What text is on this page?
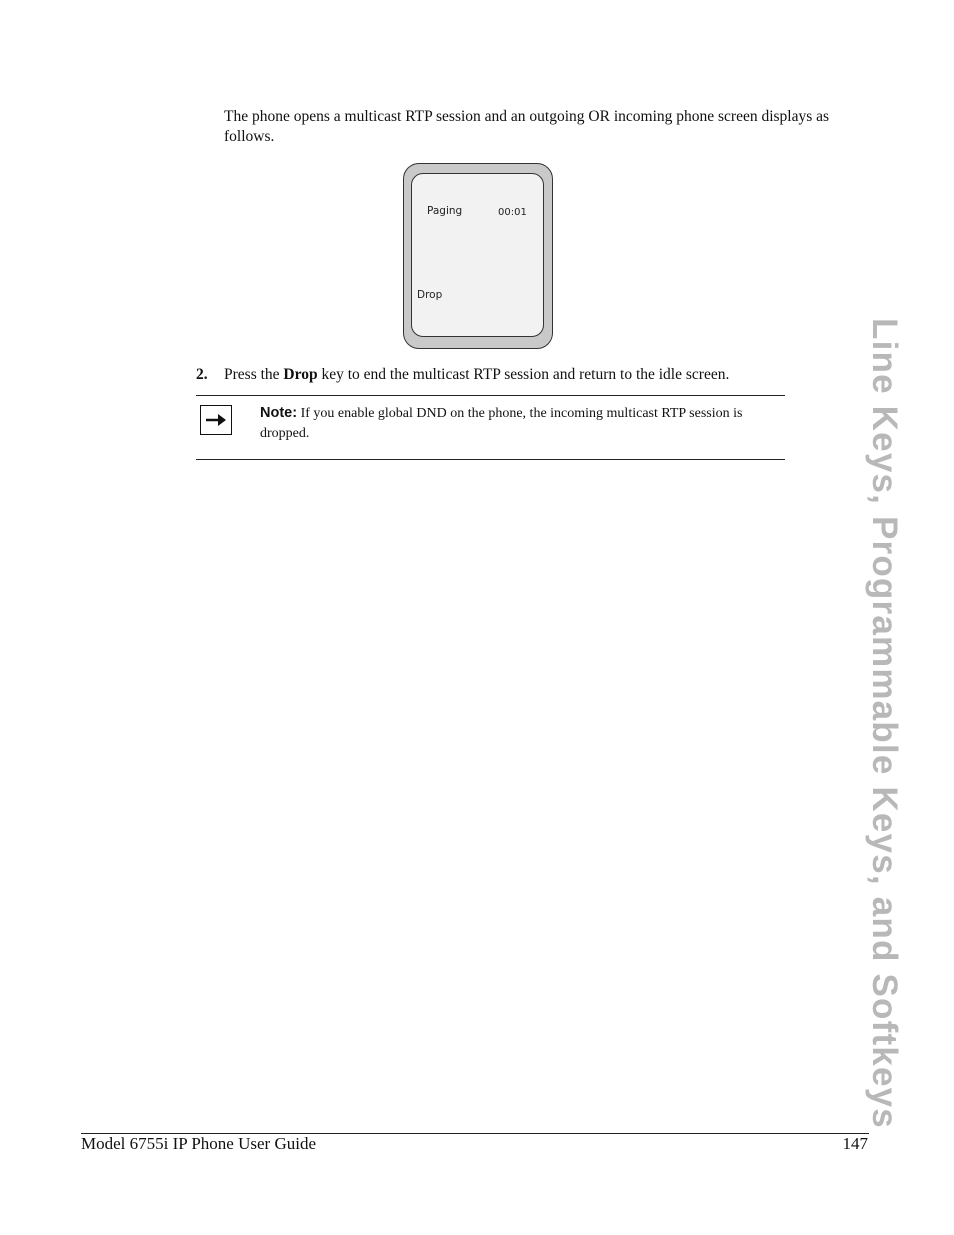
The phone opens a multicast RTP session and an outgoing OR incoming phone screen displays as follows.
Paging	00:01
Drop
2. Press the Drop key to end the multicast RTP session and return to the idle screen.
Note: If you enable global DND on the phone, the incoming multicast RTP session is dropped.	Line Keys, Programmable Keys, and Softkeys
Model 6755i IP Phone User Guide	147
